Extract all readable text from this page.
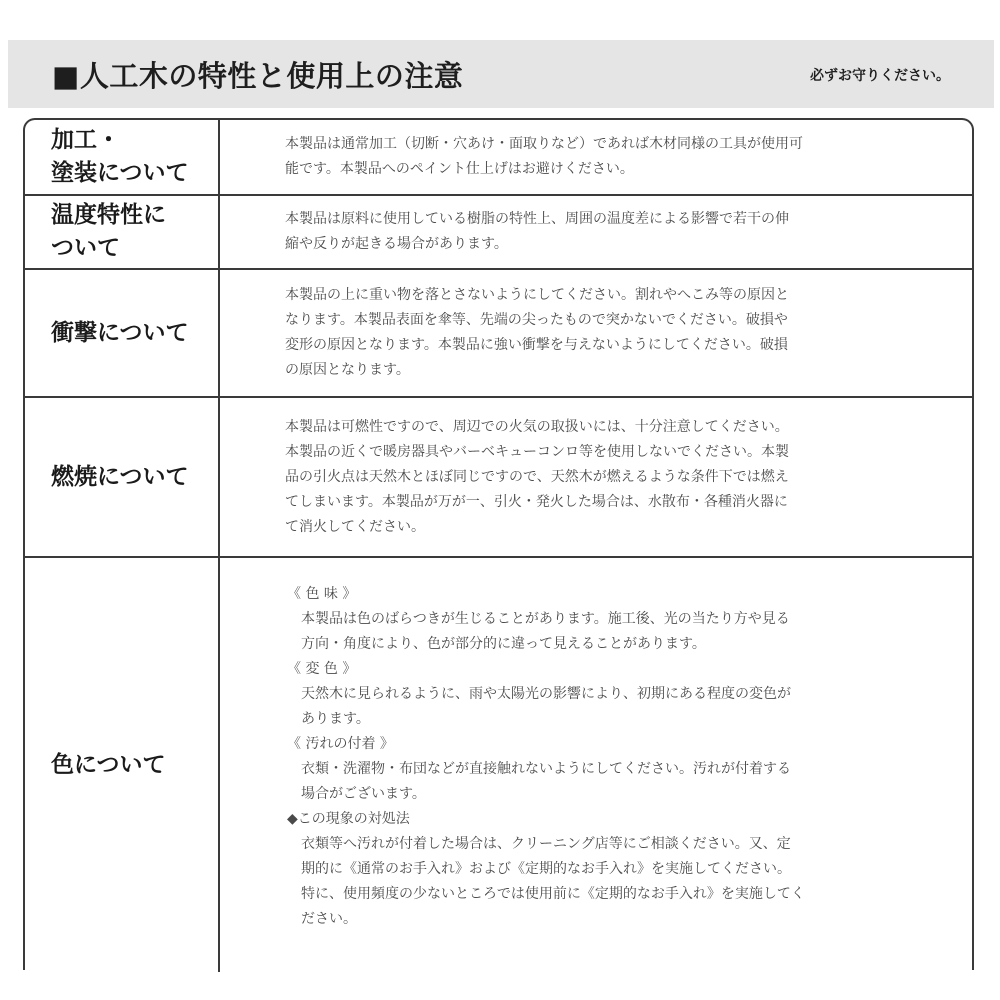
■人工木の特性と使用上の注意	必ずお守りください。
加工・
塗装について

本製品は通常加工（切断・穴あけ・面取りなど）であれば木材同様の工具が使用可

能です。本製品へのペイント仕上げはお避けください。

温度特性に
ついて

本製品は原料に使用している樹脂の特性上、周囲の温度差による影響で若干の伸

縮や反りが起きる場合があります。

衝撃について

本製品の上に重い物を落とさないようにしてください。割れやへこみ等の原因と

なります。本製品表面を傘等、先端の尖ったもので突かないでください。破損や

変形の原因となります。本製品に強い衝撃を与えないようにしてください。破損

の原因となります。

燃焼について

本製品は可燃性ですので、周辺での火気の取扱いには、十分注意してください。

本製品の近くで暖房器具やバーベキューコンロ等を使用しないでください。本製

品の引火点は天然木とほぼ同じですので、天然木が燃えるような条件下では燃え

てしまいます。本製品が万が一、引火・発火した場合は、水散布・各種消火器に

て消火してください。

色について

《 色 味 》

本製品は色のばらつきが生じることがあります。施工後、光の当たり方や見る

方向・角度により、色が部分的に違って見えることがあります。

《 変 色 》

天然木に見られるように、雨や太陽光の影響により、初期にある程度の変色が

あります。

《 汚れの付着 》

衣類・洗濯物・布団などが直接触れないようにしてください。汚れが付着する

場合がございます。

◆この現象の対処法

衣類等へ汚れが付着した場合は、クリーニング店等にご相談ください。又、定

期的に《通常のお手入れ》および《定期的なお手入れ》を実施してください。

特に、使用頻度の少ないところでは使用前に《定期的なお手入れ》を実施してく

ださい。
